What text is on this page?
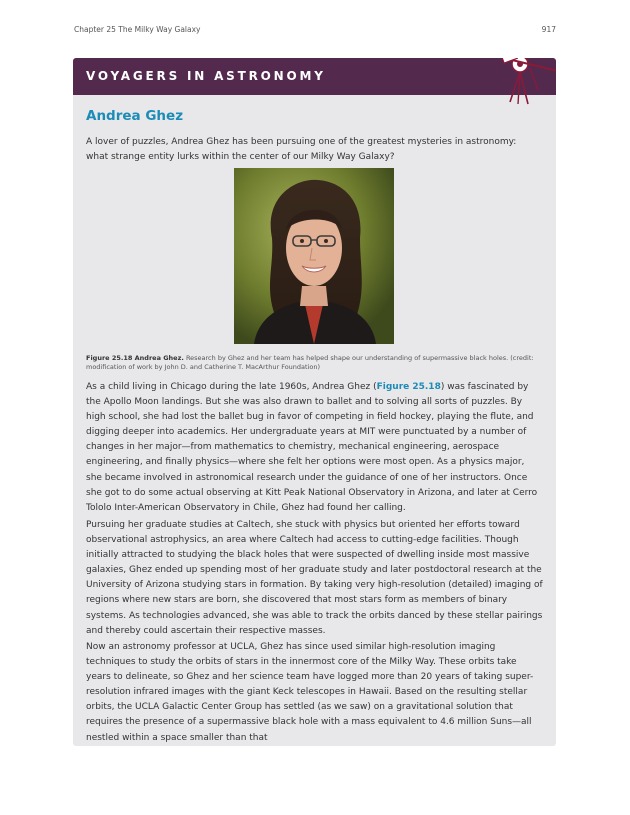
Chapter 25 The Milky Way Galaxy	917
VOYAGERS IN ASTRONOMY
Andrea Ghez
A lover of puzzles, Andrea Ghez has been pursuing one of the greatest mysteries in astronomy: what strange entity lurks within the center of our Milky Way Galaxy?
Figure 25.18 Andrea Ghez. Research by Ghez and her team has helped shape our understanding of supermassive black holes. (credit: modification of work by John D. and Catherine T. MacArthur Foundation)
As a child living in Chicago during the late 1960s, Andrea Ghez (Figure 25.18) was fascinated by the Apollo Moon landings. But she was also drawn to ballet and to solving all sorts of puzzles. By high school, she had lost the ballet bug in favor of competing in field hockey, playing the flute, and digging deeper into academics. Her undergraduate years at MIT were punctuated by a number of changes in her major—from mathematics to chemistry, mechanical engineering, aerospace engineering, and finally physics—where she felt her options were most open. As a physics major, she became involved in astronomical research under the guidance of one of her instructors. Once she got to do some actual observing at Kitt Peak National Observatory in Arizona, and later at Cerro Tololo Inter-American Observatory in Chile, Ghez had found her calling.
Pursuing her graduate studies at Caltech, she stuck with physics but oriented her efforts toward observational astrophysics, an area where Caltech had access to cutting-edge facilities. Though initially attracted to studying the black holes that were suspected of dwelling inside most massive galaxies, Ghez ended up spending most of her graduate study and later postdoctoral research at the University of Arizona studying stars in formation. By taking very high-resolution (detailed) imaging of regions where new stars are born, she discovered that most stars form as members of binary systems. As technologies advanced, she was able to track the orbits danced by these stellar pairings and thereby could ascertain their respective masses.
Now an astronomy professor at UCLA, Ghez has since used similar high-resolution imaging techniques to study the orbits of stars in the innermost core of the Milky Way. These orbits take years to delineate, so Ghez and her science team have logged more than 20 years of taking super-resolution infrared images with the giant Keck telescopes in Hawaii. Based on the resulting stellar orbits, the UCLA Galactic Center Group has settled (as we saw) on a gravitational solution that requires the presence of a supermassive black hole with a mass equivalent to 4.6 million Suns—all nestled within a space smaller than that
